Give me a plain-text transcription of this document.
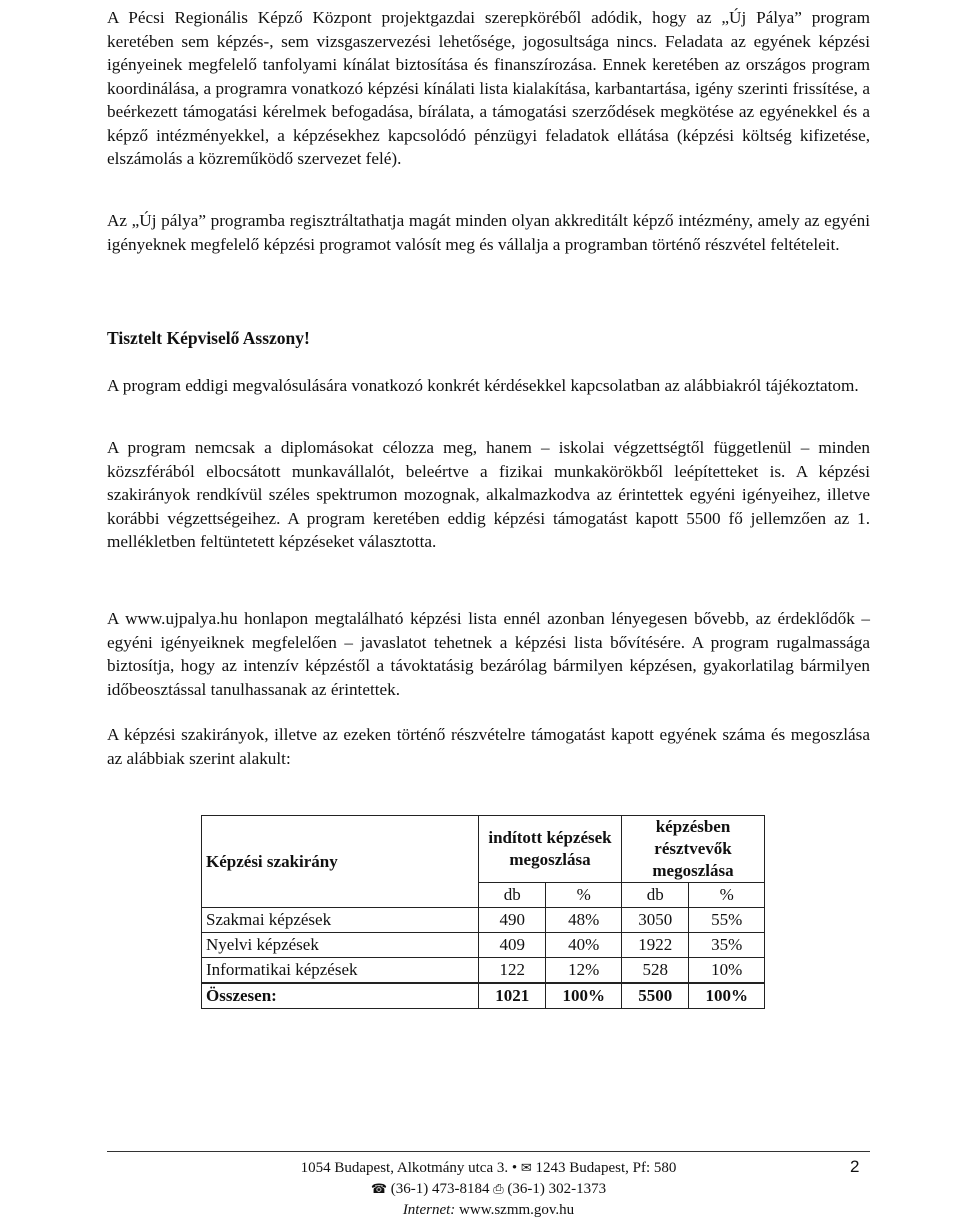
A Pécsi Regionális Képző Központ projektgazdai szerepköréből adódik, hogy az „Új Pálya” program keretében sem képzés-, sem vizsgaszervezési lehetősége, jogosultsága nincs. Feladata az egyének képzési igényeinek megfelelő tanfolyami kínálat biztosítása és finanszírozása. Ennek keretében az országos program koordinálása, a programra vonatkozó képzési kínálati lista kialakítása, karbantartása, igény szerinti frissítése, a beérkezett támogatási kérelmek befogadása, bírálata, a támogatási szerződések megkötése az egyénekkel és a képző intézményekkel, a képzésekhez kapcsolódó pénzügyi feladatok ellátása (képzési költség kifizetése, elszámolás a közreműködő szervezet felé).

Az „Új pálya” programba regisztráltathatja magát minden olyan akkreditált képző intézmény, amely az egyéni igényeknek megfelelő képzési programot valósít meg és vállalja a programban történő részvétel feltételeit.

Tisztelt Képviselő Asszony!

A program eddigi megvalósulására vonatkozó konkrét kérdésekkel kapcsolatban az alábbiakról tájékoztatom.

A program nemcsak a diplomásokat célozza meg, hanem – iskolai végzettségtől függetlenül – minden közszférából elbocsátott munkavállalót, beleértve a fizikai munkakörökből leépítetteket is. A képzési szakirányok rendkívül széles spektrumon mozognak, alkalmazkodva az érintettek egyéni igényeihez, illetve korábbi végzettségeihez. A program keretében eddig képzési támogatást kapott 5500 fő jellemzően az 1. mellékletben feltüntetett képzéseket választotta.

A www.ujpalya.hu honlapon megtalálható képzési lista ennél azonban lényegesen bővebb, az érdeklődők – egyéni igényeiknek megfelelően – javaslatot tehetnek a képzési lista bővítésére. A program rugalmassága biztosítja, hogy az intenzív képzéstől a távoktatásig bezárólag bármilyen képzésen, gyakorlatilag bármilyen időbeosztással tanulhassanak az érintettek.

A képzési szakirányok, illetve az ezeken történő részvételre támogatást kapott egyének száma és megoszlása az alábbiak szerint alakult:

Képzési szakirány	indított képzések megoszlása		képzésben résztvevők megoszlása	
	db	%	db	%
Szakmai képzések	490	48%	3050	55%
Nyelvi képzések	409	40%	1922	35%
Informatikai képzések	122	12%	528	10%
Összesen:	1021	100%	5500	100%
1054 Budapest, Alkotmány utca 3. • ✉ 1243 Budapest, Pf: 580
☎ (36-1) 473-8184 ⎙ (36-1) 302-1373
Internet: www.szmm.gov.hu
2
